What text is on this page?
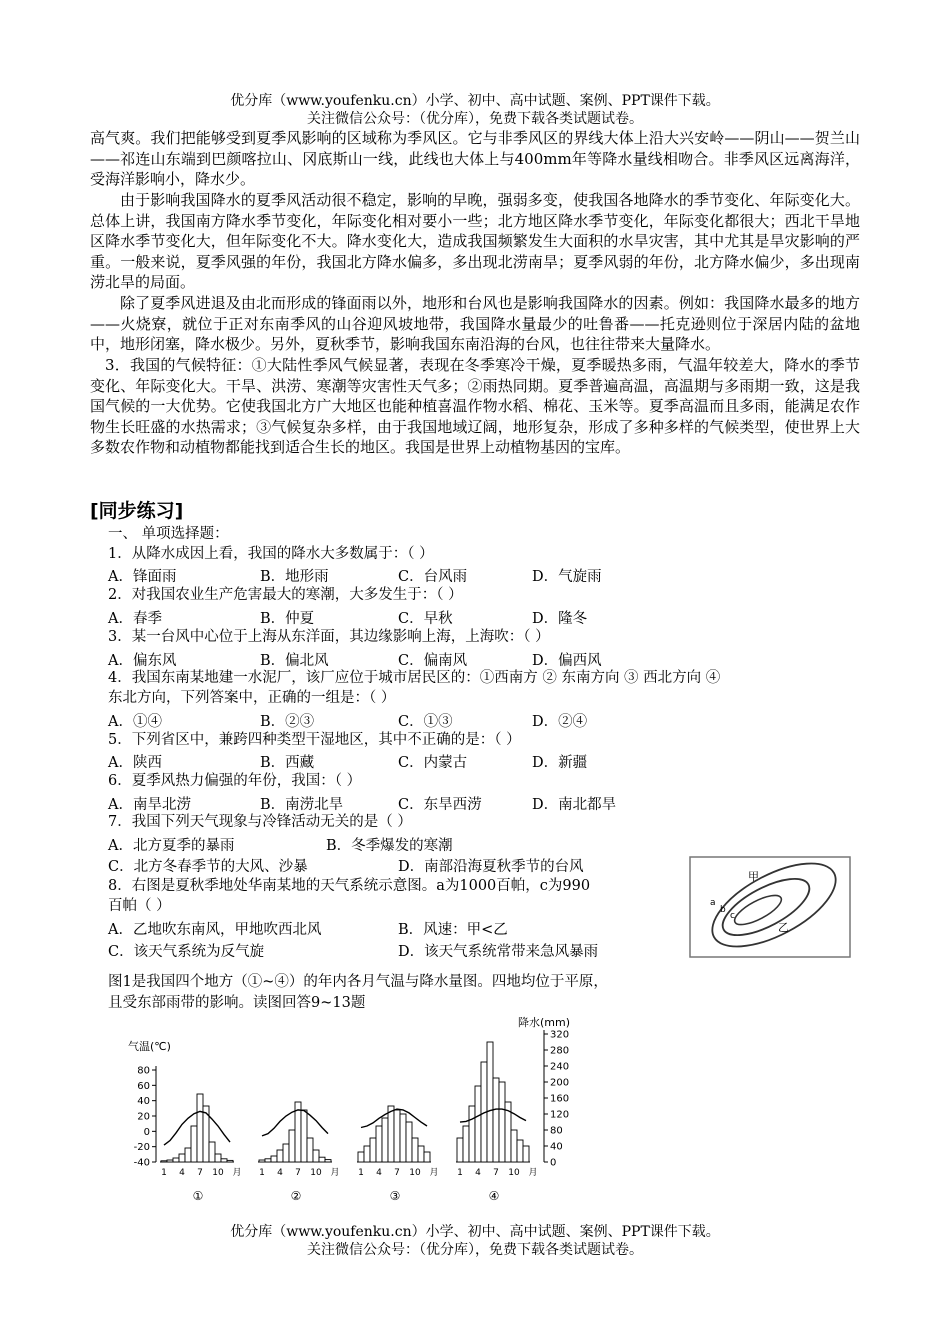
优分库（www.youfenku.cn）小学、初中、高中试题、案例、PPT课件下载。
关注微信公众号：（优分库），免费下载各类试题试卷。

高气爽。我们把能够受到夏季风影响的区域称为季风区。它与非季风区的界线大体上沿大兴安岭——阴山——贺兰山——祁连山东端到巴颜喀拉山、冈底斯山一线，此线也大体上与400mm年等降水量线相吻合。非季风区远离海洋，受海洋影响小，降水少。

由于影响我国降水的夏季风活动很不稳定，影响的早晚，强弱多变，使我国各地降水的季节变化、年际变化大。总体上讲，我国南方降水季节变化，年际变化相对要小一些；北方地区降水季节变化，年际变化都很大；西北干旱地区降水季节变化大，但年际变化不大。降水变化大，造成我国频繁发生大面积的水旱灾害，其中尤其是旱灾影响的严重。一般来说，夏季风强的年份，我国北方降水偏多，多出现北涝南旱；夏季风弱的年份，北方降水偏少，多出现南涝北旱的局面。

除了夏季风进退及由北而形成的锋面雨以外，地形和台风也是影响我国降水的因素。例如：我国降水最多的地方——火烧寮，就位于正对东南季风的山谷迎风坡地带，我国降水量最少的吐鲁番——托克逊则位于深居内陆的盆地中，地形闭塞，降水极少。另外，夏秋季节，影响我国东南沿海的台风，也往往带来大量降水。

3．我国的气候特征：①大陆性季风气候显著，表现在冬季寒冷干燥，夏季暖热多雨，气温年较差大，降水的季节变化、年际变化大。干旱、洪涝、寒潮等灾害性天气多；②雨热同期。夏季普遍高温，高温期与多雨期一致，这是我国气候的一大优势。它使我国北方广大地区也能种植喜温作物水稻、棉花、玉米等。夏季高温而且多雨，能满足农作物生长旺盛的水热需求；③气候复杂多样，由于我国地域辽阔，地形复杂，形成了多种多样的气候类型，使世界上大多数农作物和动植物都能找到适合生长的地区。我国是世界上动植物基因的宝库。

[同步练习]
一、 单项选择题：
1．从降水成因上看，我国的降水大多数属于：（ ）
A．锋面雨	B．地形雨	C．台风雨	D．气旋雨
2．对我国农业生产危害最大的寒潮，大多发生于：（ ）
A．春季	B．仲夏	C．早秋	D．隆冬
3．某一台风中心位于上海从东洋面，其边缘影响上海，上海吹：（ ）
A．偏东风	B．偏北风	C．偏南风	D．偏西风
4．我国东南某地建一水泥厂，该厂应位于城市居民区的：①西南方 ② 东南方向 ③ 西北方向 ④
东北方向，下列答案中，正确的一组是：（ ）
A．①④	B．②③	C．①③	D．②④
5．下列省区中，兼跨四种类型干湿地区，其中不正确的是：（ ）
A．陕西	B．西藏	C．内蒙古	D．新疆
6．夏季风热力偏强的年份，我国：（ ）
A．南旱北涝	B．南涝北旱	C．东旱西涝	D．南北都旱
7．我国下列天气现象与冷锋活动无关的是（ ）
A．北方夏季的暴雨	B．冬季爆发的寒潮
C．北方冬春季节的大风、沙暴	D．南部沿海夏秋季节的台风
8．右图是夏秋季地处华南某地的天气系统示意图。a为1000百帕，c为990
百帕（ ）
A．乙地吹东南风，甲地吹西北风	B．风速：甲<乙
C．该天气系统为反气旋	D．该天气系统常带来急风暴雨
甲
乙
a
b
c
图1是我国四个地方（①~④）的年内各月气温与降水量图。四地均位于平原，
且受东部雨带的影响。读图回答9~13题
气温(℃)
降水(mm)
80
60
40
20
0
-20
-40
320
280
240
200
160
120
80
40
0
1 4 7 10 月
①
1 4 7 10 月
②
1 4 7 10 月
③
1 4 7 10 月
④
优分库（www.youfenku.cn）小学、初中、高中试题、案例、PPT课件下载。
关注微信公众号：（优分库），免费下载各类试题试卷。
